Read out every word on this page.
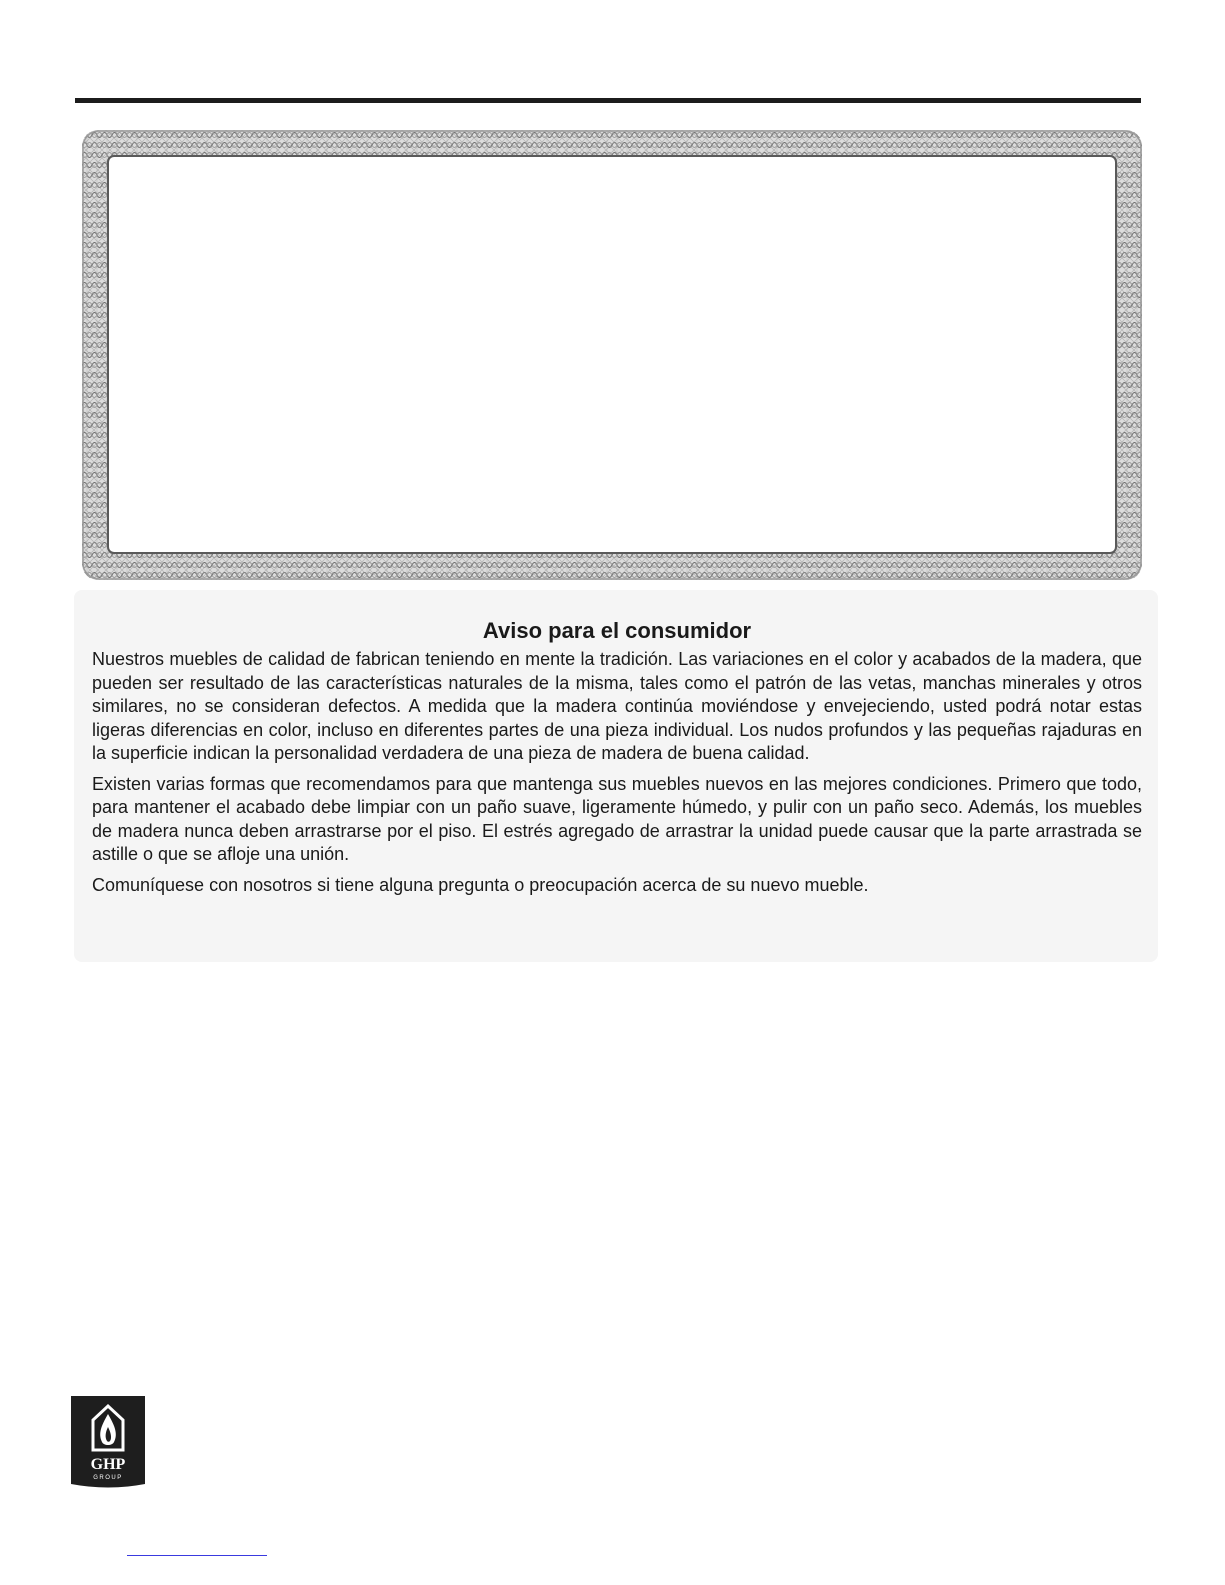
Aviso para el consumidor

Nuestros muebles de calidad de fabrican teniendo en mente la tradición. Las variaciones en el color y acabados de la madera, que pueden ser resultado de las características naturales de la misma, tales como el patrón de las vetas, manchas minerales y otros similares, no se consideran defectos. A medida que la madera continúa moviéndose y envejeciendo, usted podrá notar estas ligeras diferencias en color, incluso en diferentes partes de una pieza individual. Los nudos profundos y las pequeñas rajaduras en la superficie indican la personalidad verdadera de una pieza de madera de buena calidad.

Existen varias formas que recomendamos para que mantenga sus muebles nuevos en las mejores condiciones. Primero que todo, para mantener el acabado debe limpiar con un paño suave, ligeramente húmedo, y pulir con un paño seco. Además, los muebles de madera nunca deben arrastrarse por el piso. El estrés agregado de arrastrar la unidad puede causar que la parte arrastrada se astille o que se afloje una unión.

Comuníquese con nosotros si tiene alguna pregunta o preocupación acerca de su nuevo mueble.

GHP
GROUP
